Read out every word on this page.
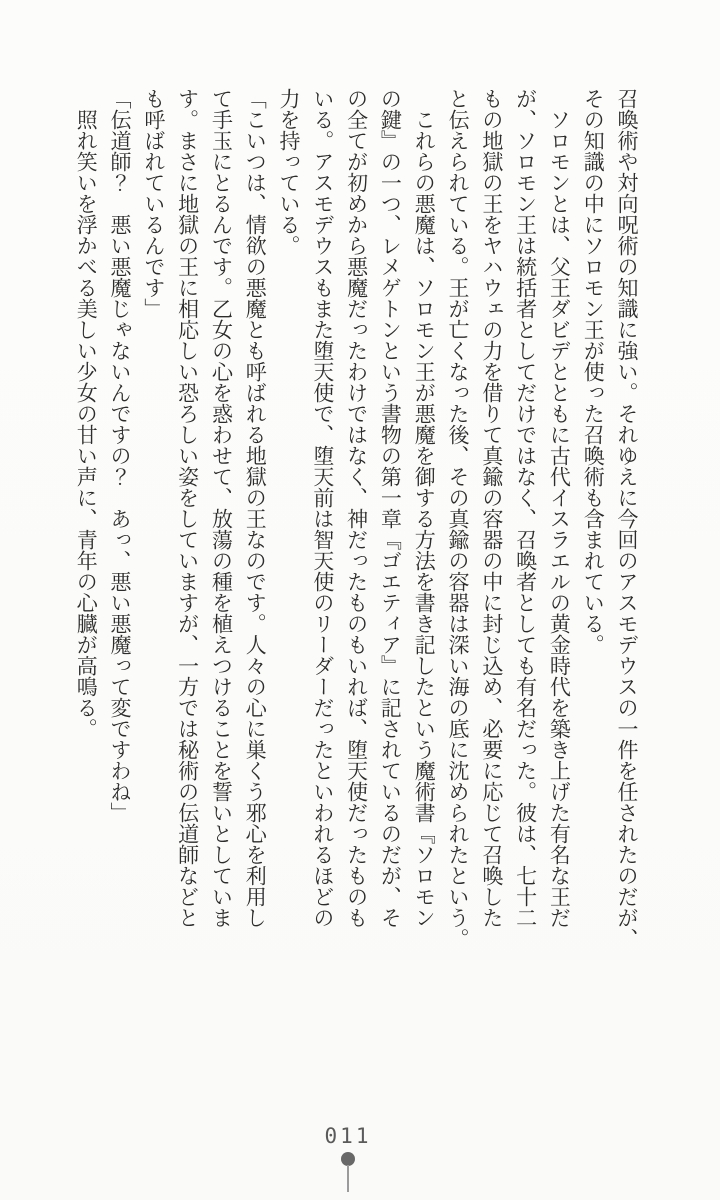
召喚術や対向呪術の知識に強い。それゆえに今回のアスモデウスの一件を任されたのだが、
その知識の中にソロモン王が使った召喚術も含まれている。
　ソロモンとは、父王ダビデとともに古代イスラエルの黄金時代を築き上げた有名な王だ
が、ソロモン王は統括者としてだけではなく、召喚者としても有名だった。彼は、七十二
もの地獄の王をヤハウェの力を借りて真鍮の容器の中に封じ込め、必要に応じて召喚した
と伝えられている。王が亡くなった後、その真鍮の容器は深い海の底に沈められたという。
　これらの悪魔は、ソロモン王が悪魔を御する方法を書き記したという魔術書『ソロモン
の鍵』の一つ、レメゲトンという書物の第一章『ゴエティア』に記されているのだが、そ
の全てが初めから悪魔だったわけではなく、神だったものもいれば、堕天使だったものも
いる。アスモデウスもまた堕天使で、堕天前は智天使のリーダーだったといわれるほどの
力を持っている。
「こいつは、情欲の悪魔とも呼ばれる地獄の王なのです。人々の心に巣くう邪心を利用し
て手玉にとるんです。乙女の心を惑わせて、放蕩の種を植えつけることを誓いとしていま
す。まさに地獄の王に相応しい恐ろしい姿をしていますが、一方では秘術の伝道師などと
も呼ばれているんです」
「伝道師？　悪い悪魔じゃないんですの？　あっ、悪い悪魔って変ですわね」
　照れ笑いを浮かべる美しい少女の甘い声に、青年の心臓が高鳴る。
011
